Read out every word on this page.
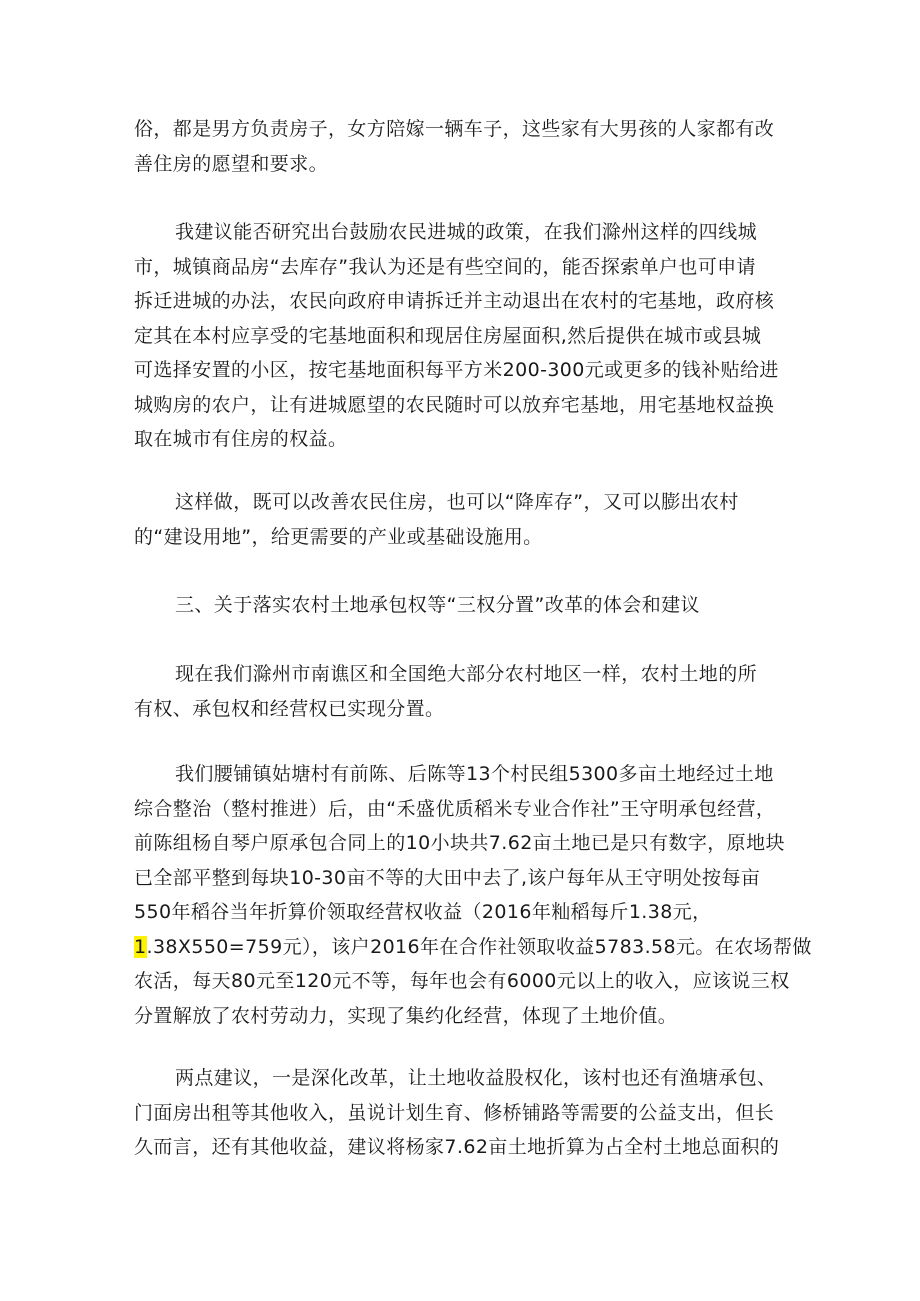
俗，都是男方负责房子，女方陪嫁一辆车子，这些家有大男孩的人家都有改
善住房的愿望和要求。

我建议能否研究出台鼓励农民进城的政策，在我们滁州这样的四线城
市，城镇商品房“去库存”我认为还是有些空间的，能否探索单户也可申请
拆迁进城的办法，农民向政府申请拆迁并主动退出在农村的宅基地，政府核
定其在本村应享受的宅基地面积和现居住房屋面积,然后提供在城市或县城
可选择安置的小区，按宅基地面积每平方米200-300元或更多的钱补贴给进
城购房的农户，让有进城愿望的农民随时可以放弃宅基地，用宅基地权益换
取在城市有住房的权益。

这样做，既可以改善农民住房，也可以“降库存”，又可以膨出农村
的“建设用地”，给更需要的产业或基础设施用。

三、关于落实农村土地承包权等“三权分置”改革的体会和建议

现在我们滁州市南谯区和全国绝大部分农村地区一样，农村土地的所
有权、承包权和经营权已实现分置。

我们腰铺镇姑塘村有前陈、后陈等13个村民组5300多亩土地经过土地
综合整治（整村推进）后，由“禾盛优质稻米专业合作社”王守明承包经营，
前陈组杨自琴户原承包合同上的10小块共7.62亩土地已是只有数字，原地块
已全部平整到每块10-30亩不等的大田中去了,该户每年从王守明处按每亩
550年稻谷当年折算价领取经营权收益（2016年籼稻每斤1.38元，
1.38X550=759元），该户2016年在合作社领取收益5783.58元。在农场帮做
农活，每天80元至120元不等，每年也会有6000元以上的收入，应该说三权
分置解放了农村劳动力，实现了集约化经营，体现了土地价值。

两点建议，一是深化改革，让土地收益股权化，该村也还有渔塘承包、
门面房出租等其他收入，虽说计划生育、修桥铺路等需要的公益支出，但长
久而言，还有其他收益，建议将杨家7.62亩土地折算为占全村土地总面积的
